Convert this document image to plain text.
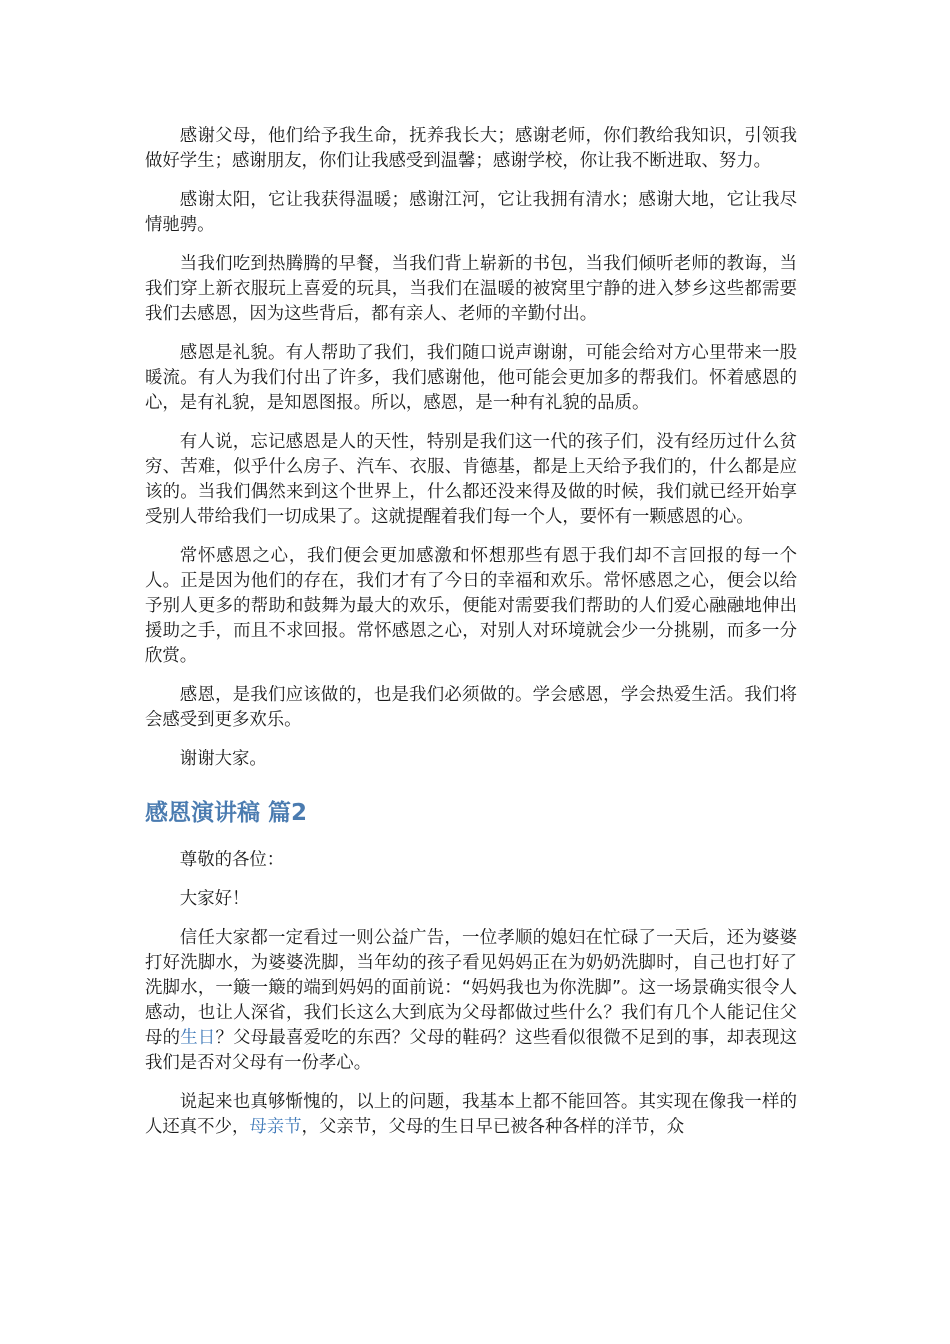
感谢父母，他们给予我生命，抚养我长大；感谢老师，你们教给我知识，引领我做好学生；感谢朋友，你们让我感受到温馨；感谢学校，你让我不断进取、努力。

感谢太阳，它让我获得温暖；感谢江河，它让我拥有清水；感谢大地，它让我尽情驰骋。

当我们吃到热腾腾的早餐，当我们背上崭新的书包，当我们倾听老师的教诲，当我们穿上新衣服玩上喜爱的玩具，当我们在温暖的被窝里宁静的进入梦乡这些都需要我们去感恩，因为这些背后，都有亲人、老师的辛勤付出。

感恩是礼貌。有人帮助了我们，我们随口说声谢谢，可能会给对方心里带来一股暖流。有人为我们付出了许多，我们感谢他，他可能会更加多的帮我们。怀着感恩的心，是有礼貌，是知恩图报。所以，感恩，是一种有礼貌的品质。

有人说，忘记感恩是人的天性，特别是我们这一代的孩子们，没有经历过什么贫穷、苦难，似乎什么房子、汽车、衣服、肯德基，都是上天给予我们的，什么都是应该的。当我们偶然来到这个世界上，什么都还没来得及做的时候，我们就已经开始享受别人带给我们一切成果了。这就提醒着我们每一个人，要怀有一颗感恩的心。

常怀感恩之心，我们便会更加感激和怀想那些有恩于我们却不言回报的每一个人。正是因为他们的存在，我们才有了今日的幸福和欢乐。常怀感恩之心，便会以给予别人更多的帮助和鼓舞为最大的欢乐，便能对需要我们帮助的人们爱心融融地伸出援助之手，而且不求回报。常怀感恩之心，对别人对环境就会少一分挑剔，而多一分欣赏。

感恩，是我们应该做的，也是我们必须做的。学会感恩，学会热爱生活。我们将会感受到更多欢乐。

谢谢大家。

感恩演讲稿 篇2

尊敬的各位：

大家好！

信任大家都一定看过一则公益广告，一位孝顺的媳妇在忙碌了一天后，还为婆婆打好洗脚水，为婆婆洗脚，当年幼的孩子看见妈妈正在为奶奶洗脚时，自己也打好了洗脚水，一簸一簸的端到妈妈的面前说：“妈妈我也为你洗脚”。这一场景确实很令人感动，也让人深省，我们长这么大到底为父母都做过些什么？我们有几个人能记住父母的生日？父母最喜爱吃的东西？父母的鞋码？这些看似很微不足到的事，却表现这我们是否对父母有一份孝心。

说起来也真够惭愧的，以上的问题，我基本上都不能回答。其实现在像我一样的人还真不少，母亲节，父亲节，父母的生日早已被各种各样的洋节，众
